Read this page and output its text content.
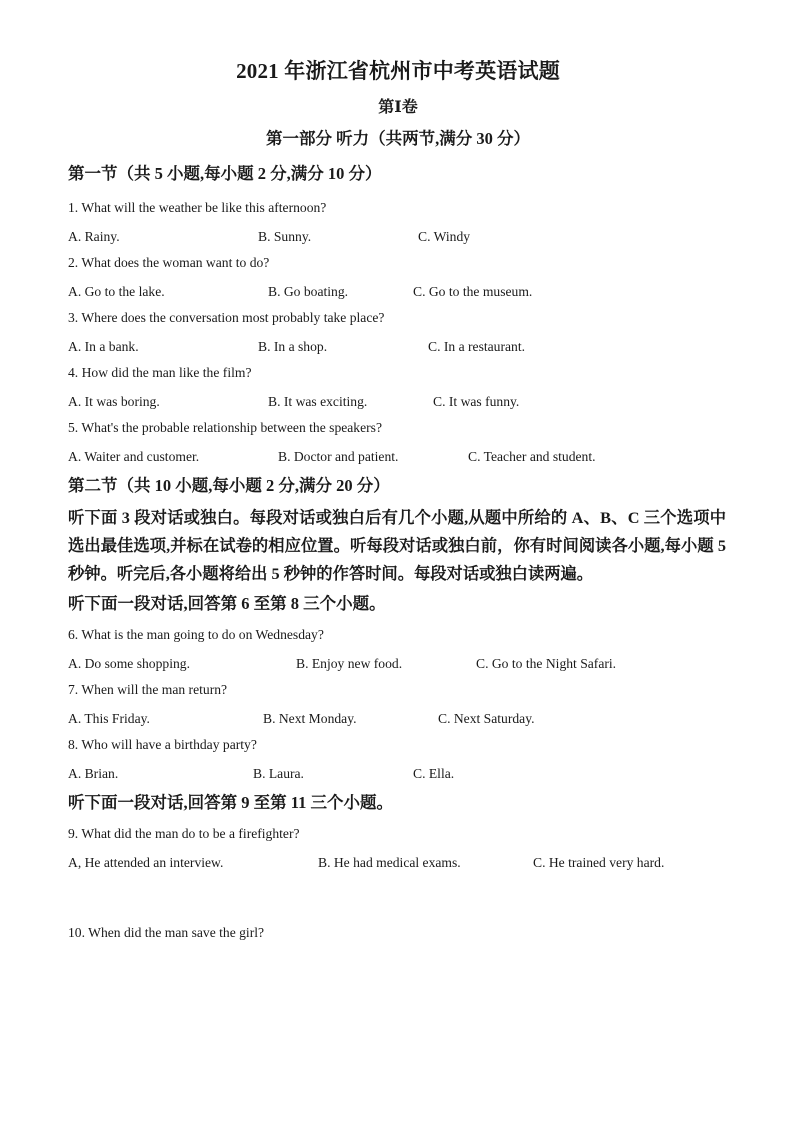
2021 年浙江省杭州市中考英语试题
第Ⅰ卷
第一部分 听力（共两节,满分 30 分）
第一节（共 5 小题,每小题 2 分,满分 10 分）
1. What will the weather be like this afternoon?
A. Rainy.	B. Sunny.	C. Windy
2. What does the woman want to do?
A. Go to the lake.	B. Go boating.	C. Go to the museum.
3. Where does the conversation most probably take place?
A. In a bank.	B. In a shop.	C. In a restaurant.
4. How did the man like the film?
A. It was boring.	B. It was exciting.	C. It was funny.
5. What's the probable relationship between the speakers?
A. Waiter and customer.	B. Doctor and patient.	C. Teacher and student.
第二节（共 10 小题,每小题 2 分,满分 20 分）
听下面 3 段对话或独白。每段对话或独白后有几个小题,从题中所给的 A、B、C 三个选项中选出最佳选项,并标在试卷的相应位置。听每段对话或独白前，你有时间阅读各小题,每小题 5 秒钟。听完后,各小题将给出 5 秒钟的作答时间。每段对话或独白读两遍。
听下面一段对话,回答第 6 至第 8 三个小题。
6. What is the man going to do on Wednesday?
A. Do some shopping.	B. Enjoy new food.	C. Go to the Night Safari.
7. When will the man return?
A. This Friday.	B. Next Monday.	C. Next Saturday.
8. Who will have a birthday party?
A. Brian.	B. Laura.	C. Ella.
听下面一段对话,回答第 9 至第 11 三个小题。
9. What did the man do to be a firefighter?
A, He attended an interview.	B. He had medical exams.	C. He trained very hard.
10. When did the man save the girl?
